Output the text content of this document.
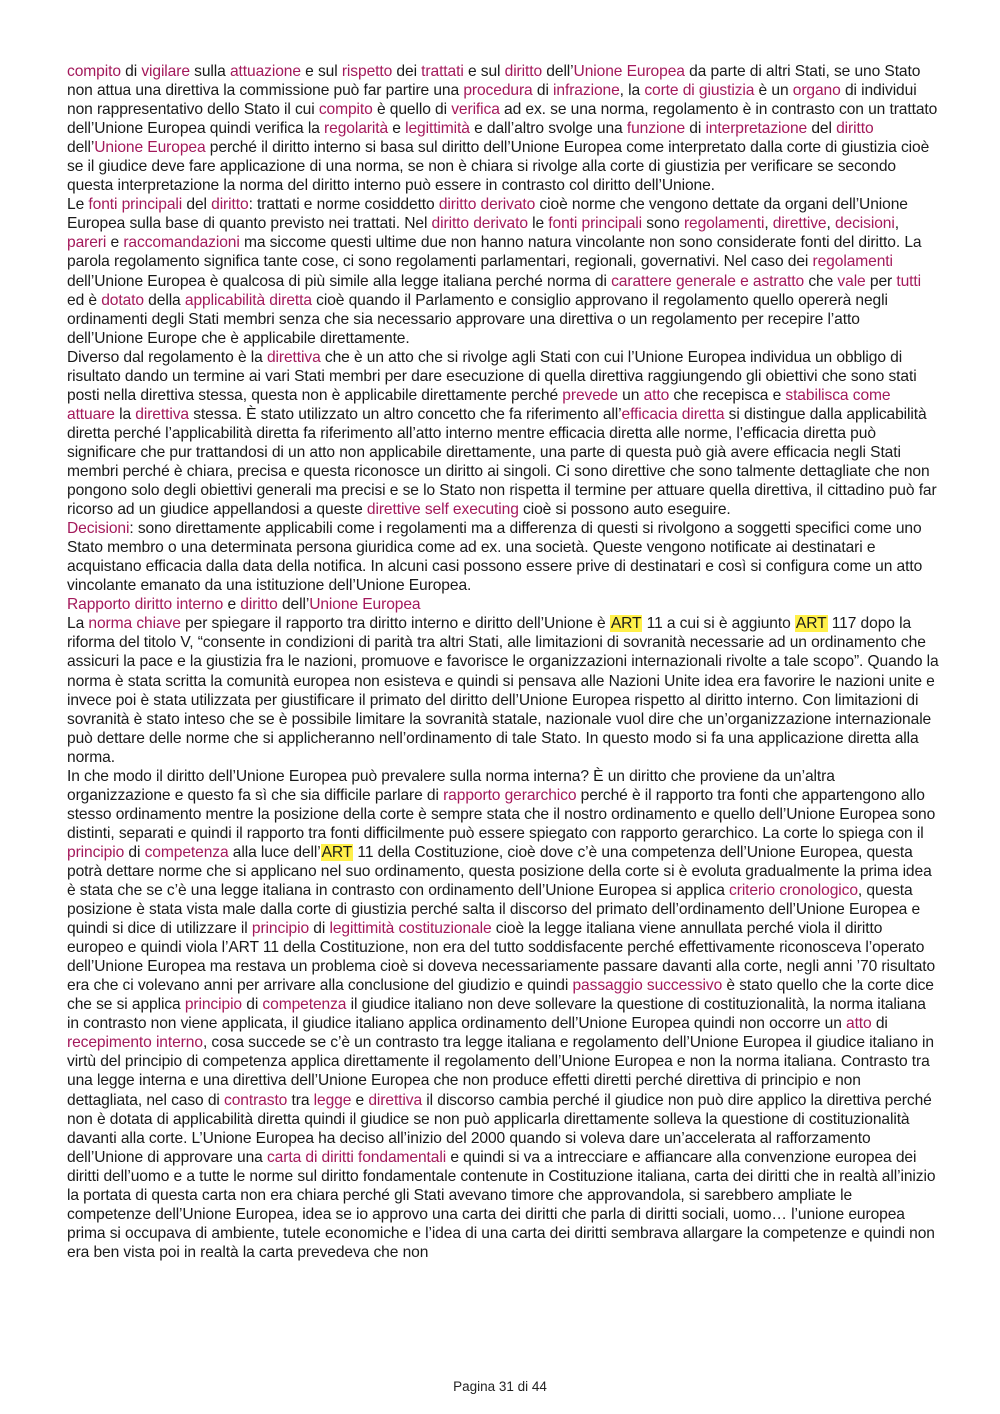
compito di vigilare sulla attuazione e sul rispetto dei trattati e sul diritto dell’Unione Europea da parte di altri Stati, se uno Stato non attua una direttiva la commissione può far partire una procedura di infrazione, la corte di giustizia è un organo di individui non rappresentativo dello Stato il cui compito è quello di verifica ad ex. se una norma, regolamento è in contrasto con un trattato dell’Unione Europea quindi verifica la regolarità e legittimità e dall’altro svolge una funzione di interpretazione del diritto dell’Unione Europea perché il diritto interno si basa sul diritto dell’Unione Europea come interpretato dalla corte di giustizia cioè se il giudice deve fare applicazione di una norma, se non è chiara si rivolge alla corte di giustizia per verificare se secondo questa interpretazione la norma del diritto interno può essere in contrasto col diritto dell’Unione.

Le fonti principali del diritto: trattati e norme cosiddetto diritto derivato cioè norme che vengono dettate da organi dell’Unione Europea sulla base di quanto previsto nei trattati. Nel diritto derivato le fonti principali sono regolamenti, direttive, decisioni, pareri e raccomandazioni ma siccome questi ultime due non hanno natura vincolante non sono considerate fonti del diritto. La parola regolamento significa tante cose, ci sono regolamenti parlamentari, regionali, governativi. Nel caso dei regolamenti dell’Unione Europea è qualcosa di più simile alla legge italiana perché norma di carattere generale e astratto che vale per tutti ed è dotato della applicabilità diretta cioè quando il Parlamento e consiglio approvano il regolamento quello opererà negli ordinamenti degli Stati membri senza che sia necessario approvare una direttiva o un regolamento per recepire l’atto dell’Unione Europe che è applicabile direttamente.

Diverso dal regolamento è la direttiva che è un atto che si rivolge agli Stati con cui l’Unione Europea individua un obbligo di risultato dando un termine ai vari Stati membri per dare esecuzione di quella direttiva raggiungendo gli obiettivi che sono stati posti nella direttiva stessa, questa non è applicabile direttamente perché prevede un atto che recepisca e stabilisca come attuare la direttiva stessa. È stato utilizzato un altro concetto che fa riferimento all’efficacia diretta si distingue dalla applicabilità diretta perché l’applicabilità diretta fa riferimento all’atto interno mentre efficacia diretta alle norme, l’efficacia diretta può significare che pur trattandosi di un atto non applicabile direttamente, una parte di questa può già avere efficacia negli Stati membri perché è chiara, precisa e questa riconosce un diritto ai singoli. Ci sono direttive che sono talmente dettagliate che non pongono solo degli obiettivi generali ma precisi e se lo Stato non rispetta il termine per attuare quella direttiva, il cittadino può far ricorso ad un giudice appellandosi a queste direttive self executing cioè si possono auto eseguire.

Decisioni: sono direttamente applicabili come i regolamenti ma a differenza di questi si rivolgono a soggetti specifici come uno Stato membro o una determinata persona giuridica come ad ex. una società. Queste vengono notificate ai destinatari e acquistano efficacia dalla data della notifica. In alcuni casi possono essere prive di destinatari e così si configura come un atto vincolante emanato da una istituzione dell’Unione Europea.

Rapporto diritto interno e diritto dell’Unione Europea

La norma chiave per spiegare il rapporto tra diritto interno e diritto dell’Unione è ART 11 a cui si è aggiunto ART 117 dopo la riforma del titolo V, “consente in condizioni di parità tra altri Stati, alle limitazioni di sovranità necessarie ad un ordinamento che assicuri la pace e la giustizia fra le nazioni, promuove e favorisce le organizzazioni internazionali rivolte a tale scopo”. Quando la norma è stata scritta la comunità europea non esisteva e quindi si pensava alle Nazioni Unite idea era favorire le nazioni unite e invece poi è stata utilizzata per giustificare il primato del diritto dell’Unione Europea rispetto al diritto interno. Con limitazioni di sovranità è stato inteso che se è possibile limitare la sovranità statale, nazionale vuol dire che un’organizzazione internazionale può dettare delle norme che si applicheranno nell’ordinamento di tale Stato. In questo modo si fa una applicazione diretta alla norma.

In che modo il diritto dell’Unione Europea può prevalere sulla norma interna? È un diritto che proviene da un’altra organizzazione e questo fa sì che sia difficile parlare di rapporto gerarchico perché è il rapporto tra fonti che appartengono allo stesso ordinamento mentre la posizione della corte è sempre stata che il nostro ordinamento e quello dell’Unione Europea sono distinti, separati e quindi il rapporto tra fonti difficilmente può essere spiegato con rapporto gerarchico. La corte lo spiega con il principio di competenza alla luce dell’ART 11 della Costituzione, cioè dove c’è una competenza dell’Unione Europea, questa potrà dettare norme che si applicano nel suo ordinamento, questa posizione della corte si è evoluta gradualmente la prima idea è stata che se c’è una legge italiana in contrasto con ordinamento dell’Unione Europea si applica criterio cronologico, questa posizione è stata vista male dalla corte di giustizia perché salta il discorso del primato dell’ordinamento dell’Unione Europea e quindi si dice di utilizzare il principio di legittimità costituzionale cioè la legge italiana viene annullata perché viola il diritto europeo e quindi viola l’ART 11 della Costituzione, non era del tutto soddisfacente perché effettivamente riconosceva l’operato dell’Unione Europea ma restava un problema cioè si doveva necessariamente passare davanti alla corte, negli anni ’70 risultato era che ci volevano anni per arrivare alla conclusione del giudizio e quindi passaggio successivo è stato quello che la corte dice che se si applica principio di competenza il giudice italiano non deve sollevare la questione di costituzionalità, la norma italiana in contrasto non viene applicata, il giudice italiano applica ordinamento dell’Unione Europea quindi non occorre un atto di recepimento interno, cosa succede se c’è un contrasto tra legge italiana e regolamento dell’Unione Europea il giudice italiano in virtù del principio di competenza applica direttamente il regolamento dell’Unione Europea e non la norma italiana. Contrasto tra una legge interna e una direttiva dell’Unione Europea che non produce effetti diretti perché direttiva di principio e non dettagliata, nel caso di contrasto tra legge e direttiva il discorso cambia perché il giudice non può dire applico la direttiva perché non è dotata di applicabilità diretta quindi il giudice se non può applicarla direttamente solleva la questione di costituzionalità davanti alla corte. L’Unione Europea ha deciso all’inizio del 2000 quando si voleva dare un’accelerata al rafforzamento dell’Unione di approvare una carta di diritti fondamentali e quindi si va a intrecciare e affiancare alla convenzione europea dei diritti dell’uomo e a tutte le norme sul diritto fondamentale contenute in Costituzione italiana, carta dei diritti che in realtà all’inizio la portata di questa carta non era chiara perché gli Stati avevano timore che approvandola, si sarebbero ampliate le competenze dell’Unione Europea, idea se io approvo una carta dei diritti che parla di diritti sociali, uomo… l’unione europea prima si occupava di ambiente, tutele economiche e l’idea di una carta dei diritti sembrava allargare la competenze e quindi non era ben vista poi in realtà la carta prevedeva che non

Pagina 31 di 44
